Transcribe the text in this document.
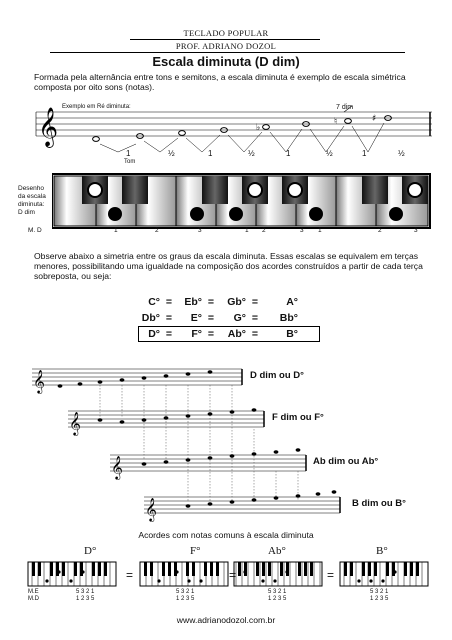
TECLADO POPULAR
PROF. ADRIANO DOZOL
Escala diminuta (D dim)
Formada pela alternância entre tons e semitons, a escala diminuta é exemplo de escala simétrica composta por oito sons (notas).
𝄞	♭
♮	♯
Exemplo em Ré diminuta:	7 dim
1	½	1	½	1	½	1	½
Tom
Desenho
da escala
diminuta:
D dim
M. D	1	2	3	1 2	3 1	2	3
Observe abaixo a simetria entre os graus da escala diminuta. Essas escalas se equivalem em terças menores, possibilitando uma igualdade na composição dos acordes construídos a partir de cada terça sobreposta, ou seja:
C° =	Eb° =	Gb° =	A°
Db° =	E° =	G° =	Bb°
D° =	F° =	Ab° =	B°
𝄞
𝄞
𝄞
𝄞
D dim ou D°
F dim ou F°
Ab dim ou Ab°
B dim ou B°
Acordes com notas comuns à escala diminuta
D°	F°	Ab°	B°
=	=	=
M.E
M.D
5 3 2 1
1 2 3 5
5 3 2 1
1 2 3 5
5 3 2 1
1 2 3 5
5 3 2 1
1 2 3 5
www.adrianodozol.com.br
